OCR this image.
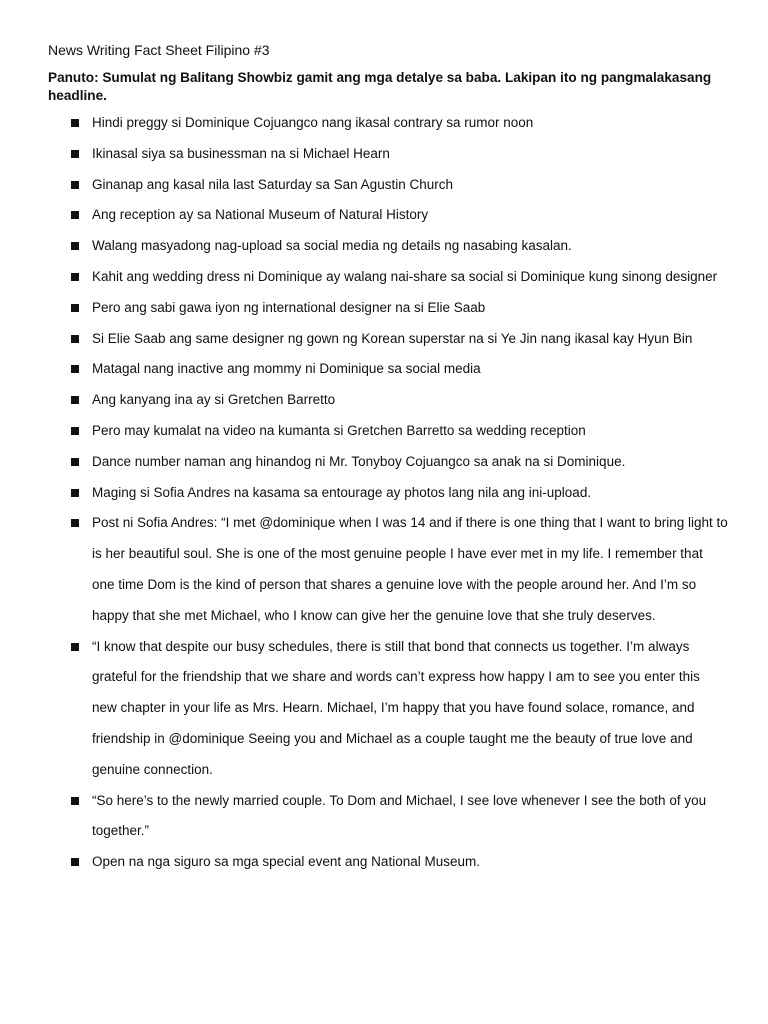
News Writing Fact Sheet Filipino #3
Panuto: Sumulat ng Balitang Showbiz gamit ang mga detalye sa baba. Lakipan ito ng pangmalakasang headline.
Hindi preggy si Dominique Cojuangco nang ikasal contrary sa rumor noon
Ikinasal siya sa businessman na si Michael Hearn
Ginanap ang kasal nila last Saturday sa San Agustin Church
Ang reception ay sa National Museum of Natural History
Walang masyadong nag-upload sa social media ng details ng nasabing kasalan.
Kahit ang wedding dress ni Dominique ay walang nai-share sa social si Dominique kung sinong designer
Pero ang sabi gawa iyon ng international designer na si Elie Saab
Si Elie Saab ang same designer ng gown ng Korean superstar na si Ye Jin nang ikasal kay Hyun Bin
Matagal nang inactive ang mommy ni Dominique sa social media
Ang kanyang ina ay si Gretchen Barretto
Pero may kumalat na video na kumanta si Gretchen Barretto sa wedding reception
Dance number naman ang hinandog ni Mr. Tonyboy Cojuangco sa anak na si Dominique.
Maging si Sofia Andres na kasama sa entourage ay photos lang nila ang ini-upload.
Post ni Sofia Andres: “I met @dominique when I was 14 and if there is one thing that I want to bring light to is her beautiful soul. She is one of the most genuine people I have ever met in my life. I remember that one time Dom is the kind of person that shares a genuine love with the people around her. And I’m so happy that she met Michael, who I know can give her the genuine love that she truly deserves.
“I know that despite our busy schedules, there is still that bond that connects us together. I’m always grateful for the friendship that we share and words can’t express how happy I am to see you enter this new chapter in your life as Mrs. Hearn. Michael, I’m happy that you have found solace, romance, and friendship in @dominique Seeing you and Michael as a couple taught me the beauty of true love and genuine connection.
“So here’s to the newly married couple. To Dom and Michael, I see love whenever I see the both of you together.”
Open na nga siguro sa mga special event ang National Museum.
